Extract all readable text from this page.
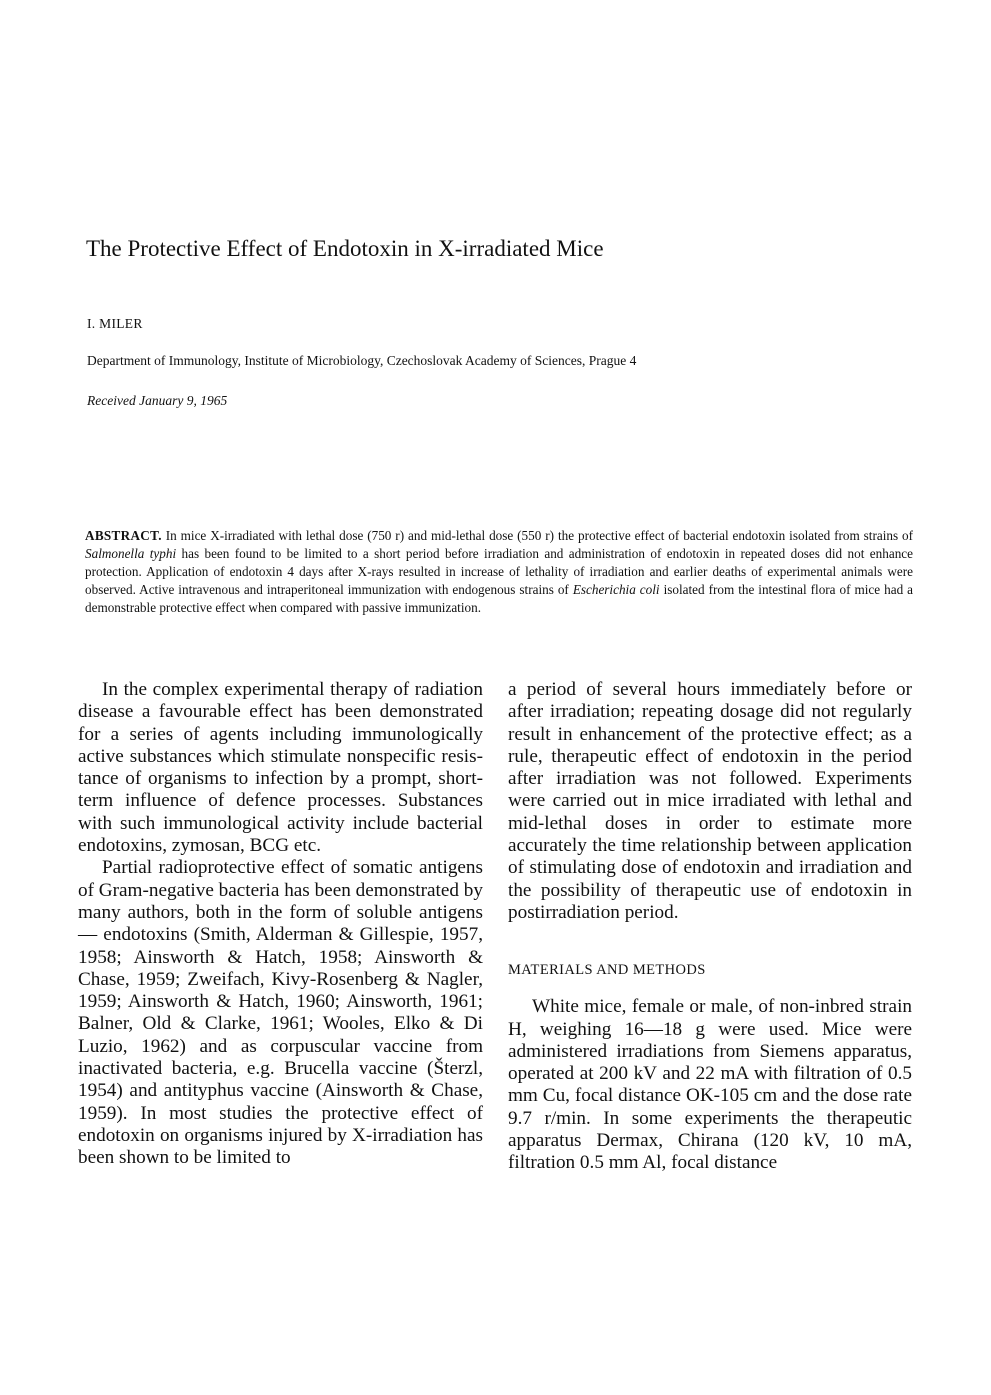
The Protective Effect of Endotoxin in X-irradiated Mice

I. MILER

Department of Immunology, Institute of Microbiology, Czechoslovak Academy of Sciences, Prague 4

Received January 9, 1965

ABSTRACT. In mice X-irradiated with lethal dose (750 r) and mid-lethal dose (550 r) the protective effect of bacterial endotoxin isolated from strains of Salmonella typhi has been found to be limited to a short period before irradiation and administration of endotoxin in repeated doses did not enhance protection. Application of endotoxin 4 days after X-rays resulted in increase of lethality of irradiation and earlier deaths of experimental animals were observed. Active intravenous and intraperitoneal immunization with endogenous strains of Escherichia coli isolated from the intestinal flora of mice had a demonstrable protective effect when compared with passive immunization.

In the complex experimental therapy of radiation disease a favourable effect has been demonstrated for a series of agents including immunologically active substances which stimulate nonspecific resistance of organisms to infection by a prompt, short-term influence of defence processes. Substances with such immunological activity include bacterial endotoxins, zymosan, BCG etc.

Partial radioprotective effect of somatic antigens of Gram-negative bacteria has been demonstrated by many authors, both in the form of soluble antigens — endotoxins (Smith, Alderman & Gillespie, 1957, 1958; Ainsworth & Hatch, 1958; Ainsworth & Chase, 1959; Zweifach, Kivy-Rosenberg & Nagler, 1959; Ainsworth & Hatch, 1960; Ainsworth, 1961; Balner, Old & Clarke, 1961; Wooles, Elko & Di Luzio, 1962) and as corpuscular vaccine from inactivated bacteria, e.g. Brucella vaccine (Šterzl, 1954) and antityphus vaccine (Ainsworth & Chase, 1959). In most studies the protective effect of endotoxin on organisms injured by X-irradiation has been shown to be limited to

a period of several hours immediately before or after irradiation; repeating dosage did not regularly result in enhancement of the protective effect; as a rule, therapeutic effect of endotoxin in the period after irradiation was not followed. Experiments were carried out in mice irradiated with lethal and mid-lethal doses in order to estimate more accurately the time relationship between application of stimulating dose of endotoxin and irradiation and the possibility of therapeutic use of endotoxin in postirradiation period.

MATERIALS AND METHODS

White mice, female or male, of non-inbred strain H, weighing 16—18 g were used. Mice were administered irradiations from Siemens apparatus, operated at 200 kV and 22 mA with filtration of 0.5 mm Cu, focal distance OK-105 cm and the dose rate 9.7 r/min. In some experiments the therapeutic apparatus Dermax, Chirana (120 kV, 10 mA, filtration 0.5 mm Al, focal distance
